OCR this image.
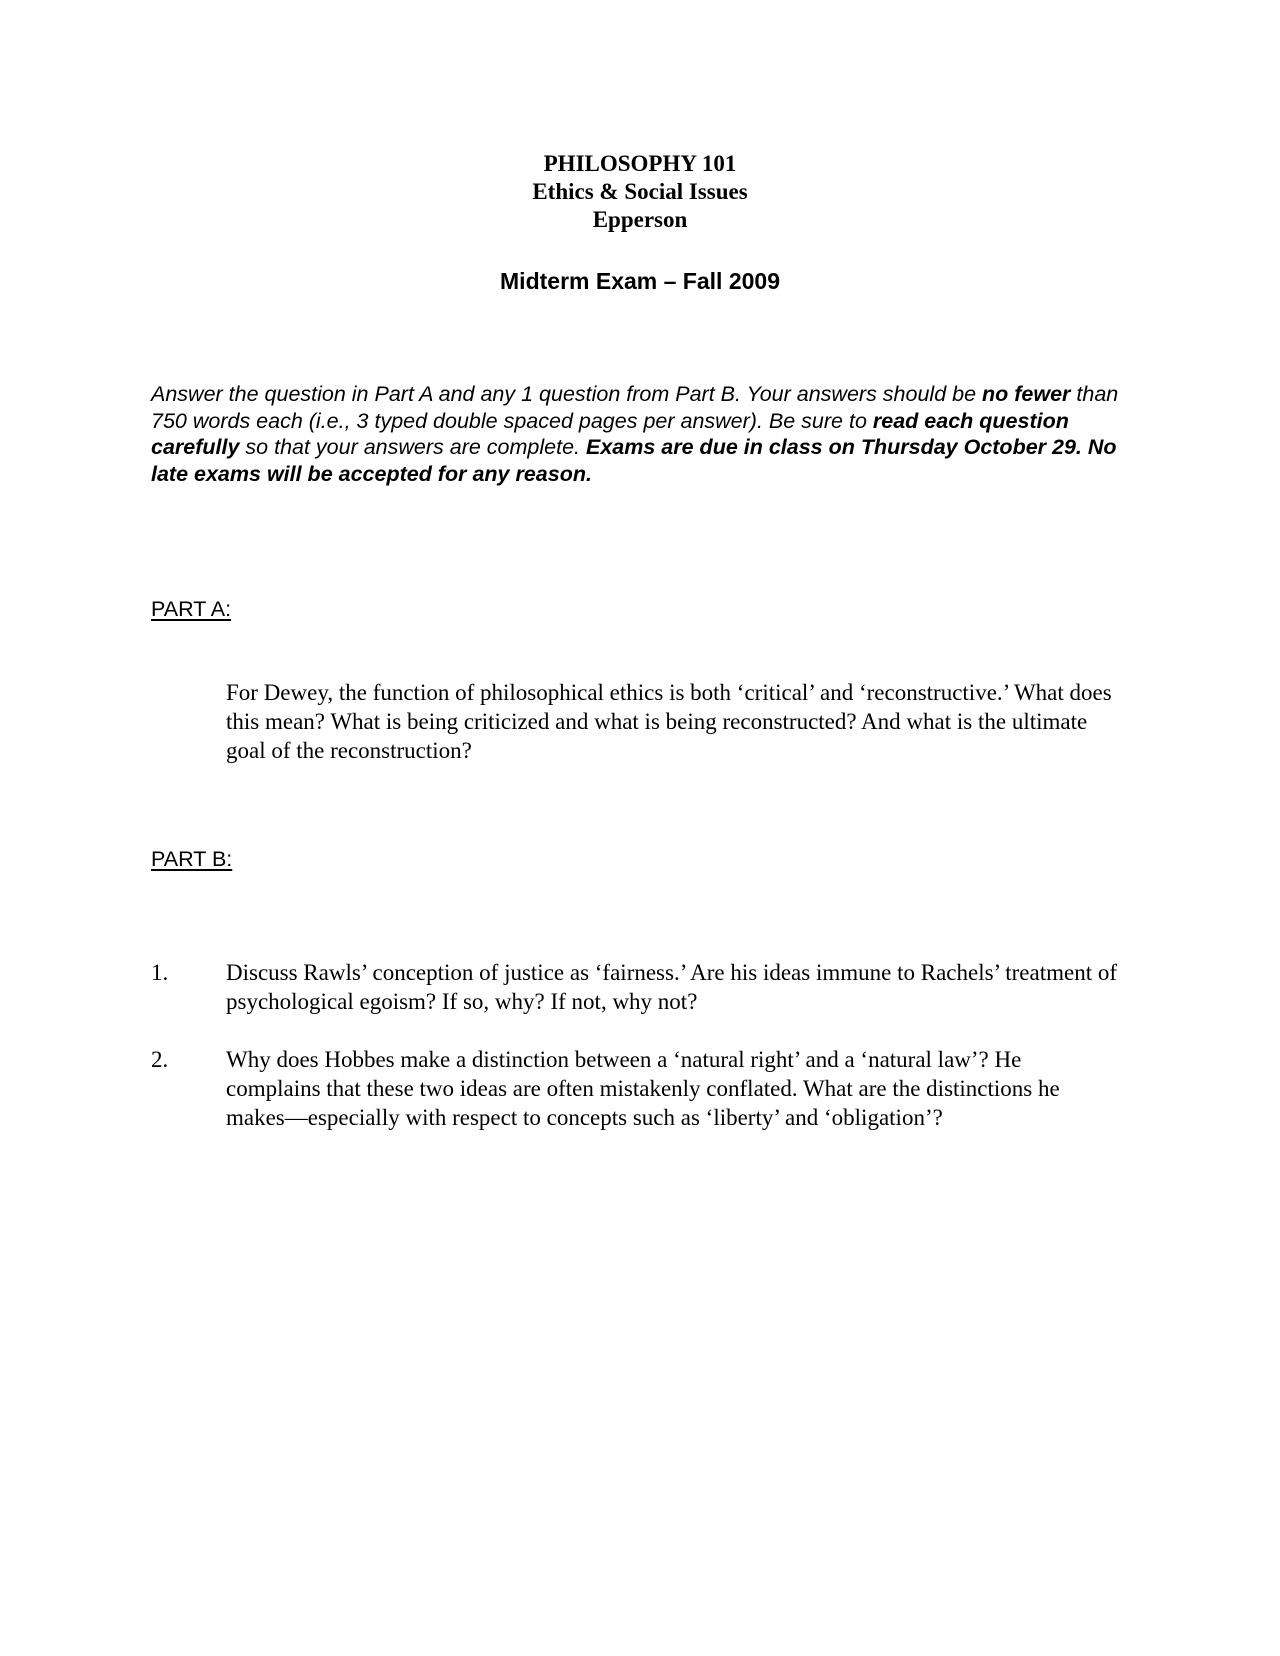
PHILOSOPHY 101
Ethics & Social Issues
Epperson
Midterm Exam – Fall 2009
Answer the question in Part A and any 1 question from Part B. Your answers should be no fewer than 750 words each (i.e., 3 typed double spaced pages per answer). Be sure to read each question carefully so that your answers are complete. Exams are due in class on Thursday October 29. No late exams will be accepted for any reason.
PART A:
For Dewey, the function of philosophical ethics is both ‘critical’ and ‘reconstructive.’ What does this mean? What is being criticized and what is being reconstructed? And what is the ultimate goal of the reconstruction?
PART B:
1.	Discuss Rawls’ conception of justice as ‘fairness.’ Are his ideas immune to Rachels’ treatment of psychological egoism? If so, why? If not, why not?
2.	Why does Hobbes make a distinction between a ‘natural right’ and a ‘natural law’? He complains that these two ideas are often mistakenly conflated. What are the distinctions he makes—especially with respect to concepts such as ‘liberty’ and ‘obligation’?
